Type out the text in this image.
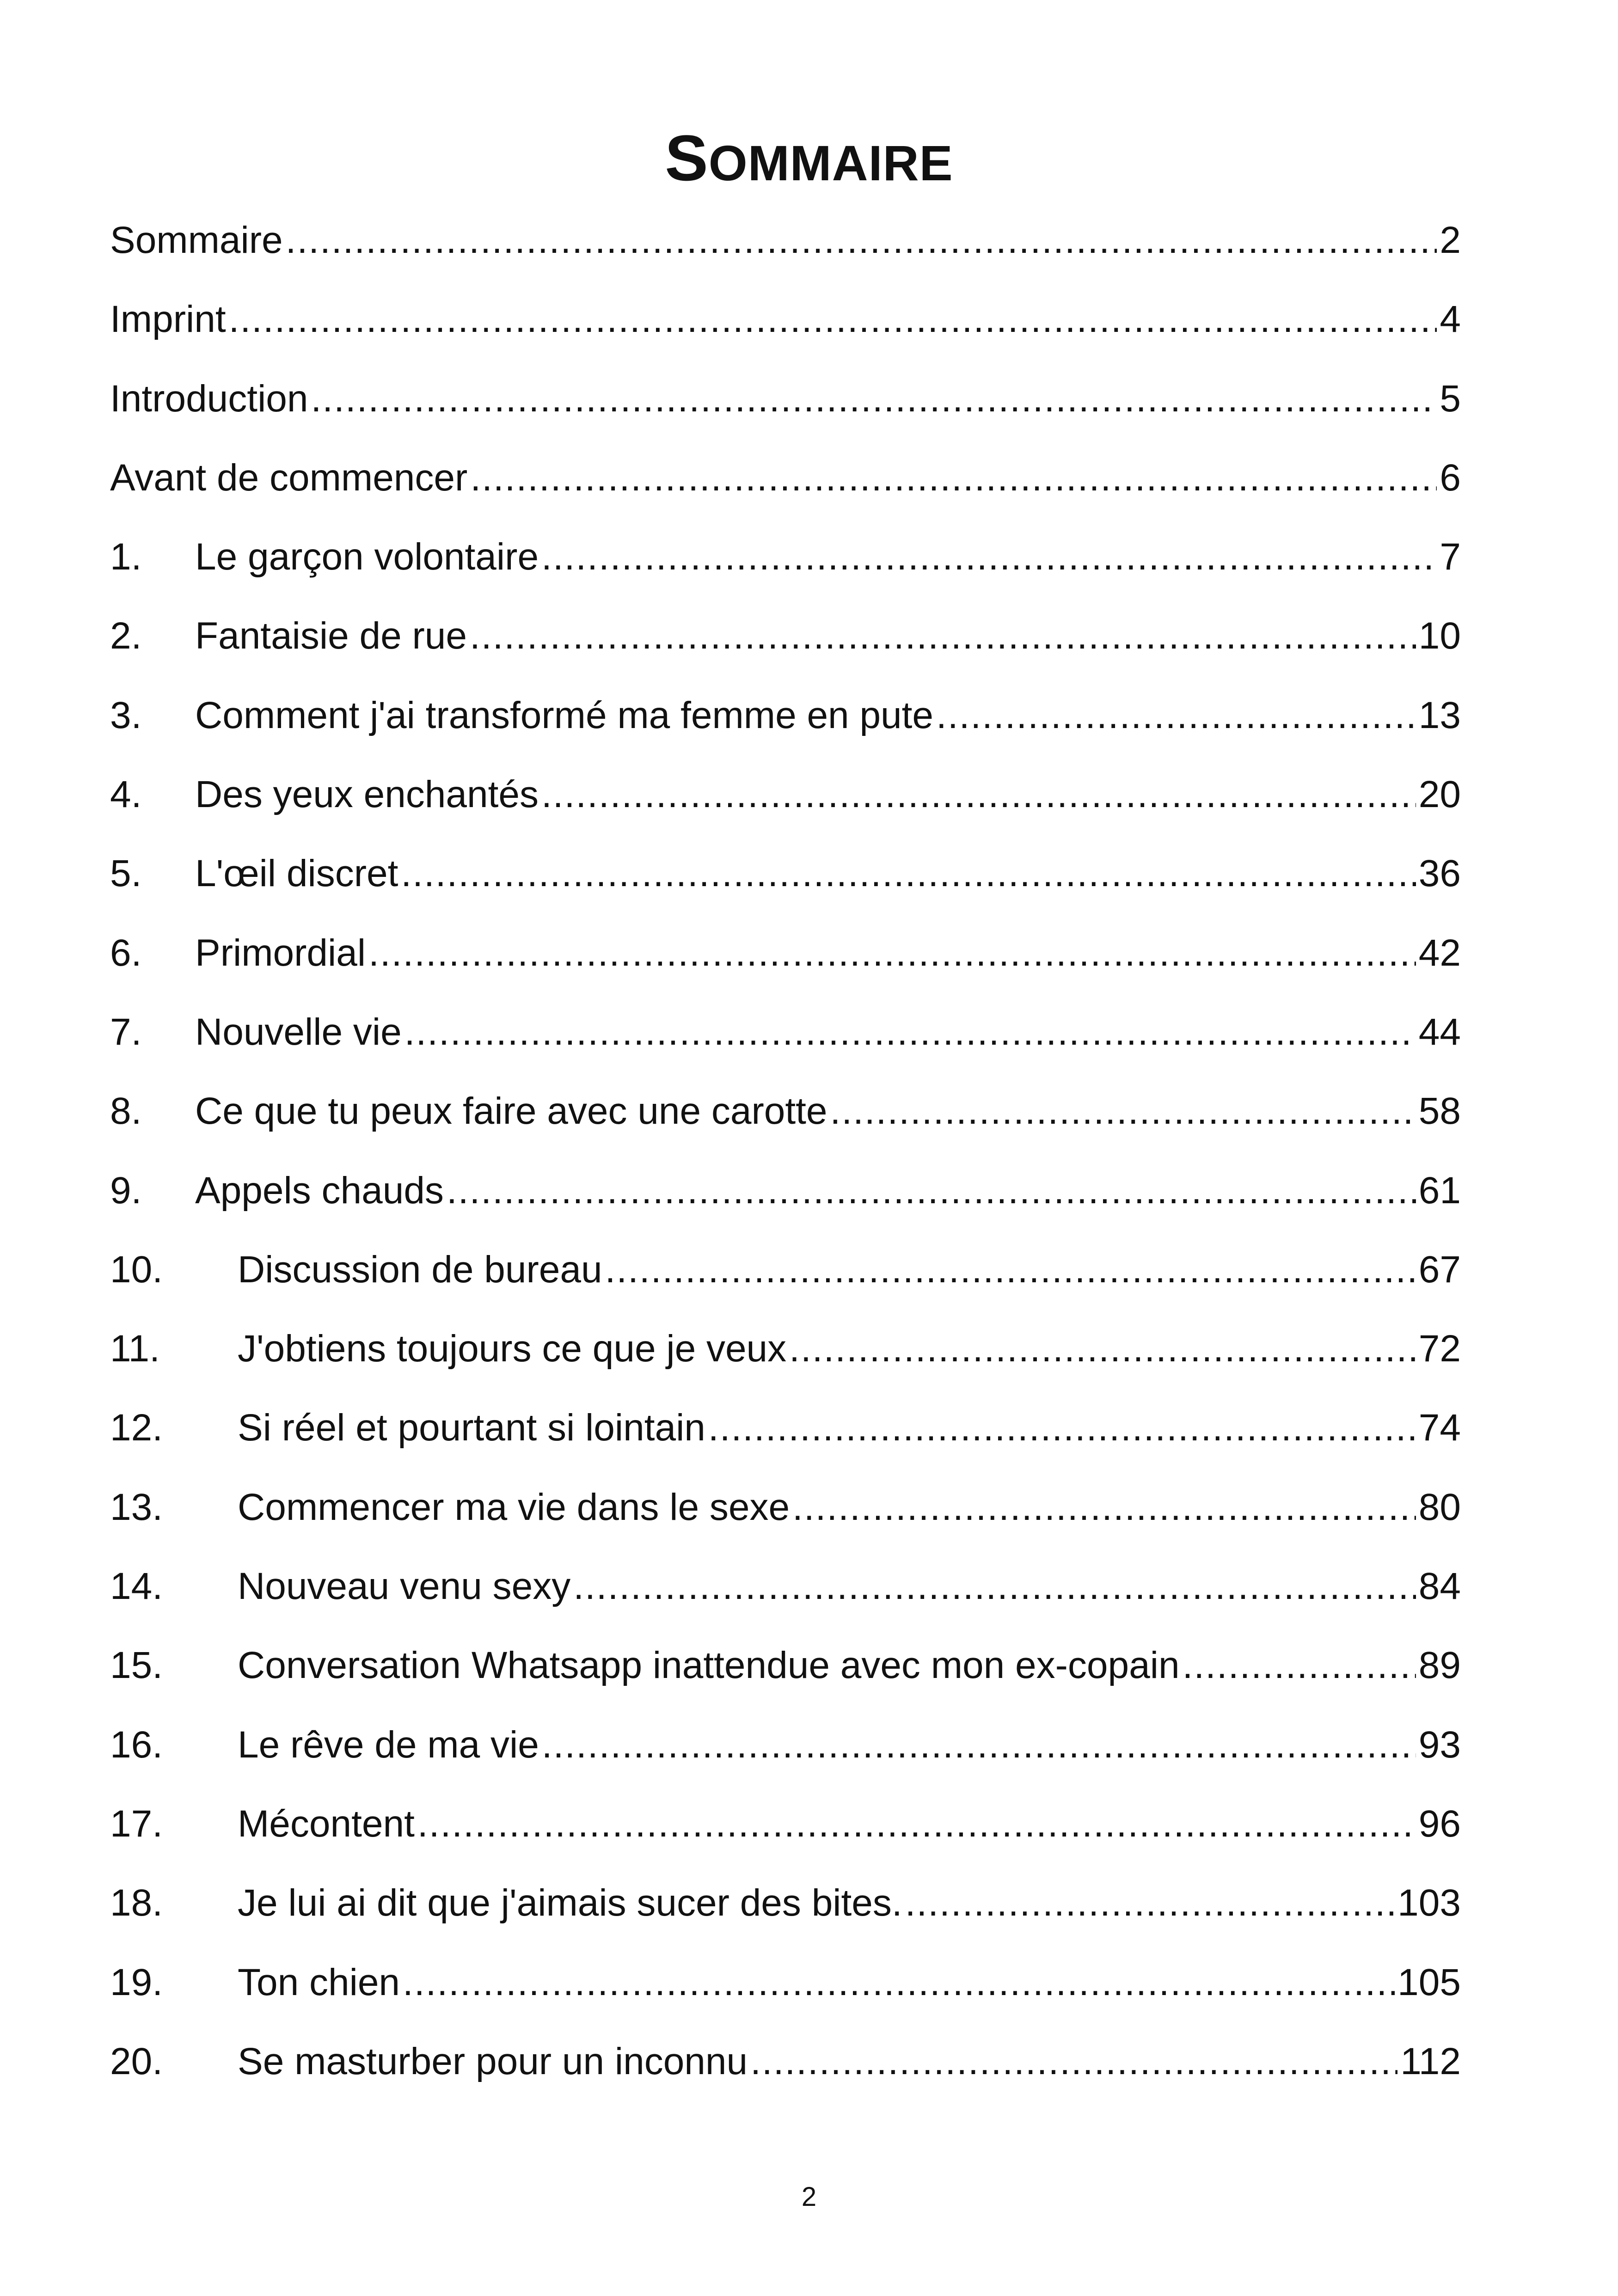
SOMMAIRE
Sommaire .....	2
Imprint .....	4
Introduction .....	5
Avant de commencer .....	6
1.	Le garçon volontaire .....	7
2.	Fantaisie de rue .....	10
3.	Comment j'ai transformé ma femme en pute .....	13
4.	Des yeux enchantés .....	20
5.	L'œil discret .....	36
6.	Primordial .....	42
7.	Nouvelle vie .....	44
8.	Ce que tu peux faire avec une carotte .....	58
9.	Appels chauds .....	61
10.	Discussion de bureau .....	67
11.	J'obtiens toujours ce que je veux .....	72
12.	Si réel et pourtant si lointain .....	74
13.	Commencer ma vie dans le sexe .....	80
14.	Nouveau venu sexy .....	84
15.	Conversation Whatsapp inattendue avec mon ex-copain .....	89
16.	Le rêve de ma vie .....	93
17.	Mécontent .....	96
18.	Je lui ai dit que j'aimais sucer des bites. .....	103
19.	Ton chien .....	105
20.	Se masturber pour un inconnu .....	112
2
